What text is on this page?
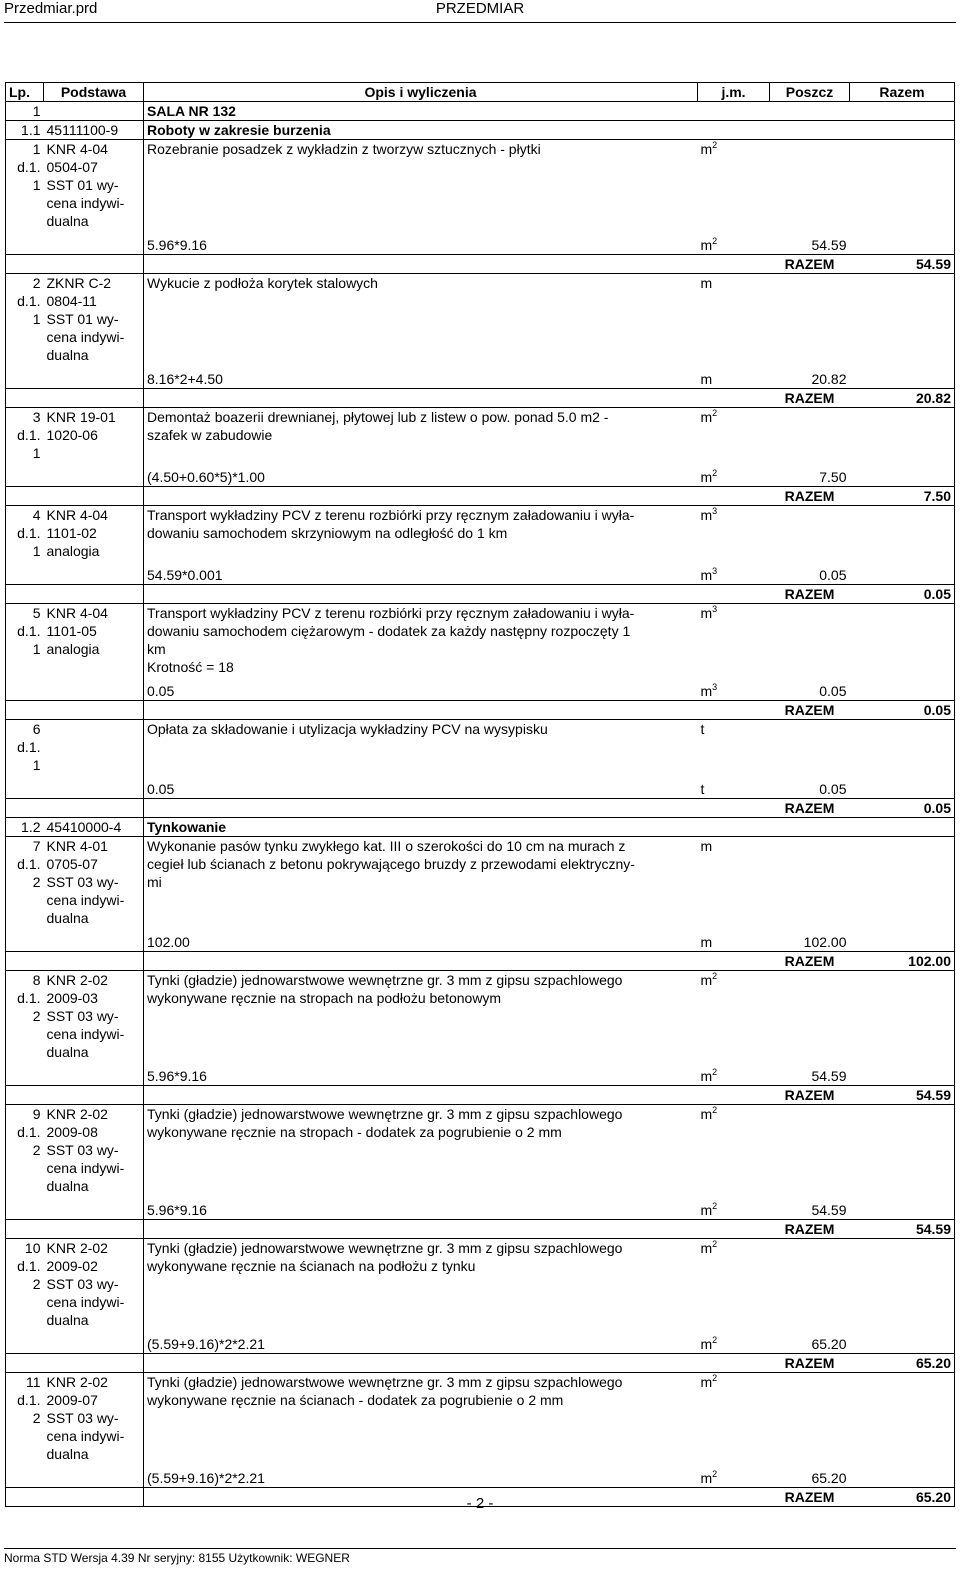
Przedmiar.prd	PRZEDMIAR
Lp.	Podstawa	Opis i wyliczenia	j.m.	Poszcz	Razem
1		SALA NR 132			
1.1	45111100-9	Roboty w zakresie burzenia			
1	KNR 4-04	Rozebranie posadzek z wykładzin z tworzyw sztucznych - płytki	$m^2$		
d.1.	0504-07				
1	SST 01 wy-				
	cena indywi-				
	dualna				
		5.96*9.16	$m^2$	54.59	
				RAZEM	54.59
2	ZKNR C-2	Wykucie z podłoża korytek stalowych	m		
d.1.	0804-11				
1	SST 01 wy-				
	cena indywi-				
	dualna				
		8.16*2+4.50	m	20.82	
				RAZEM	20.82
3	KNR 19-01	Demontaż boazerii drewnianej, płytowej lub z listew o pow. ponad 5.0 m2 -	$m^2$		
d.1.	1020-06	szafek w zabudowie			
1					

		(4.50+0.60*5)*1.00	$m^2$	7.50	
				RAZEM	7.50
4	KNR 4-04	Transport wykładziny PCV z terenu rozbiórki przy ręcznym załadowaniu i wyła-	$m^3$		
d.1.	1101-02	dowaniu samochodem skrzyniowym na odległość do 1 km			
1	analogia				

		54.59*0.001	$m^3$	0.05	
				RAZEM	0.05
5	KNR 4-04	Transport wykładziny PCV z terenu rozbiórki przy ręcznym załadowaniu i wyła-	$m^3$		
d.1.	1101-05	dowaniu samochodem ciężarowym - dodatek za każdy następny rozpoczęty 1			
1	analogia	km			
		Krotność = 18			

		0.05	$m^3$	0.05	
				RAZEM	0.05
6		Opłata za składowanie i utylizacja wykładziny PCV na wysypisku	t		
d.1.					
1					

		0.05	t	0.05	
				RAZEM	0.05
1.2	45410000-4	Tynkowanie			
7	KNR 4-01	Wykonanie pasów tynku zwykłego kat. III o szerokości do 10 cm na murach z	m		
d.1.	0705-07	cegieł lub ścianach z betonu pokrywającego bruzdy z przewodami elektryczny-			
2	SST 03 wy-	mi			
	cena indywi-				
	dualna				
		102.00	m	102.00	
				RAZEM	102.00
8	KNR 2-02	Tynki (gładzie) jednowarstwowe wewnętrzne gr. 3 mm z gipsu szpachlowego	$m^2$		
d.1.	2009-03	wykonywane ręcznie na stropach na podłożu betonowym			
2	SST 03 wy-				
	cena indywi-				
	dualna				
		5.96*9.16	$m^2$	54.59	
				RAZEM	54.59
9	KNR 2-02	Tynki (gładzie) jednowarstwowe wewnętrzne gr. 3 mm z gipsu szpachlowego	$m^2$		
d.1.	2009-08	wykonywane ręcznie na stropach - dodatek za pogrubienie o 2 mm			
2	SST 03 wy-				
	cena indywi-				
	dualna				
		5.96*9.16	$m^2$	54.59	
				RAZEM	54.59
10	KNR 2-02	Tynki (gładzie) jednowarstwowe wewnętrzne gr. 3 mm z gipsu szpachlowego	$m^2$		
d.1.	2009-02	wykonywane ręcznie na ścianach na podłożu z tynku			
2	SST 03 wy-				
	cena indywi-				
	dualna				
		(5.59+9.16)*2*2.21	$m^2$	65.20	
				RAZEM	65.20
11	KNR 2-02	Tynki (gładzie) jednowarstwowe wewnętrzne gr. 3 mm z gipsu szpachlowego	$m^2$		
d.1.	2009-07	wykonywane ręcznie na ścianach - dodatek za pogrubienie o 2 mm			
2	SST 03 wy-				
	cena indywi-				
	dualna				
		(5.59+9.16)*2*2.21	$m^2$	65.20	
				RAZEM	65.20
- 2 -
Norma STD Wersja 4.39 Nr seryjny: 8155 Użytkownik: WEGNER
